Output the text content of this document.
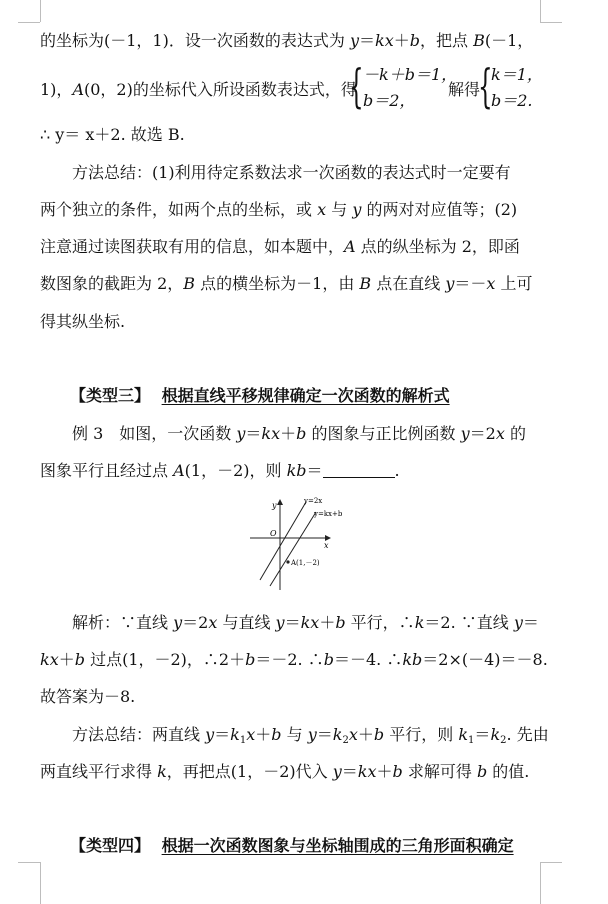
的坐标为(－1，1)．设一次函数的表达式为 y＝kx＋b，把点 B(－1，
1)，A(0，2)的坐标代入所设函数表达式，得
{ －k＋b＝1，
b＝2，
解得
{
k＝1，
b＝2.
∴ y＝ x＋2. 故选 B.
方法总结：(1)利用待定系数法求一次函数的表达式时一定要有
两个独立的条件，如两个点的坐标，或 x 与 y 的两对对应值等；(2)
注意通过读图获取有用的信息，如本题中，A 点的纵坐标为 2，即函
数图象的截距为 2，B 点的横坐标为－1，由 B 点在直线 y＝－x 上可
得其纵坐标.
【类型三】 根据直线平移规律确定一次函数的解析式
例 3　如图，一次函数 y＝kx＋b 的图象与正比例函数 y＝2x 的
图象平行且经过点 A(1，－2)，则 kb＝	.
y
x
O
y=2x
y=kx+b
A(1,－2)
解析：∵直线 y＝2x 与直线 y＝kx＋b 平行，∴k＝2. ∵直线 y＝
kx＋b 过点(1，－2)，∴2＋b＝－2. ∴b＝－4. ∴kb＝2×(－4)＝－8.
故答案为－8.
方法总结：两直线 $y=k_1x+b$ 与 $y=k_2x+b$ 平行，则 $k_1=k_2$. 先由
两直线平行求得 k，再把点(1，－2)代入 y＝kx＋b 求解可得 b 的值.
【类型四】 根据一次函数图象与坐标轴围成的三角形面积确定
